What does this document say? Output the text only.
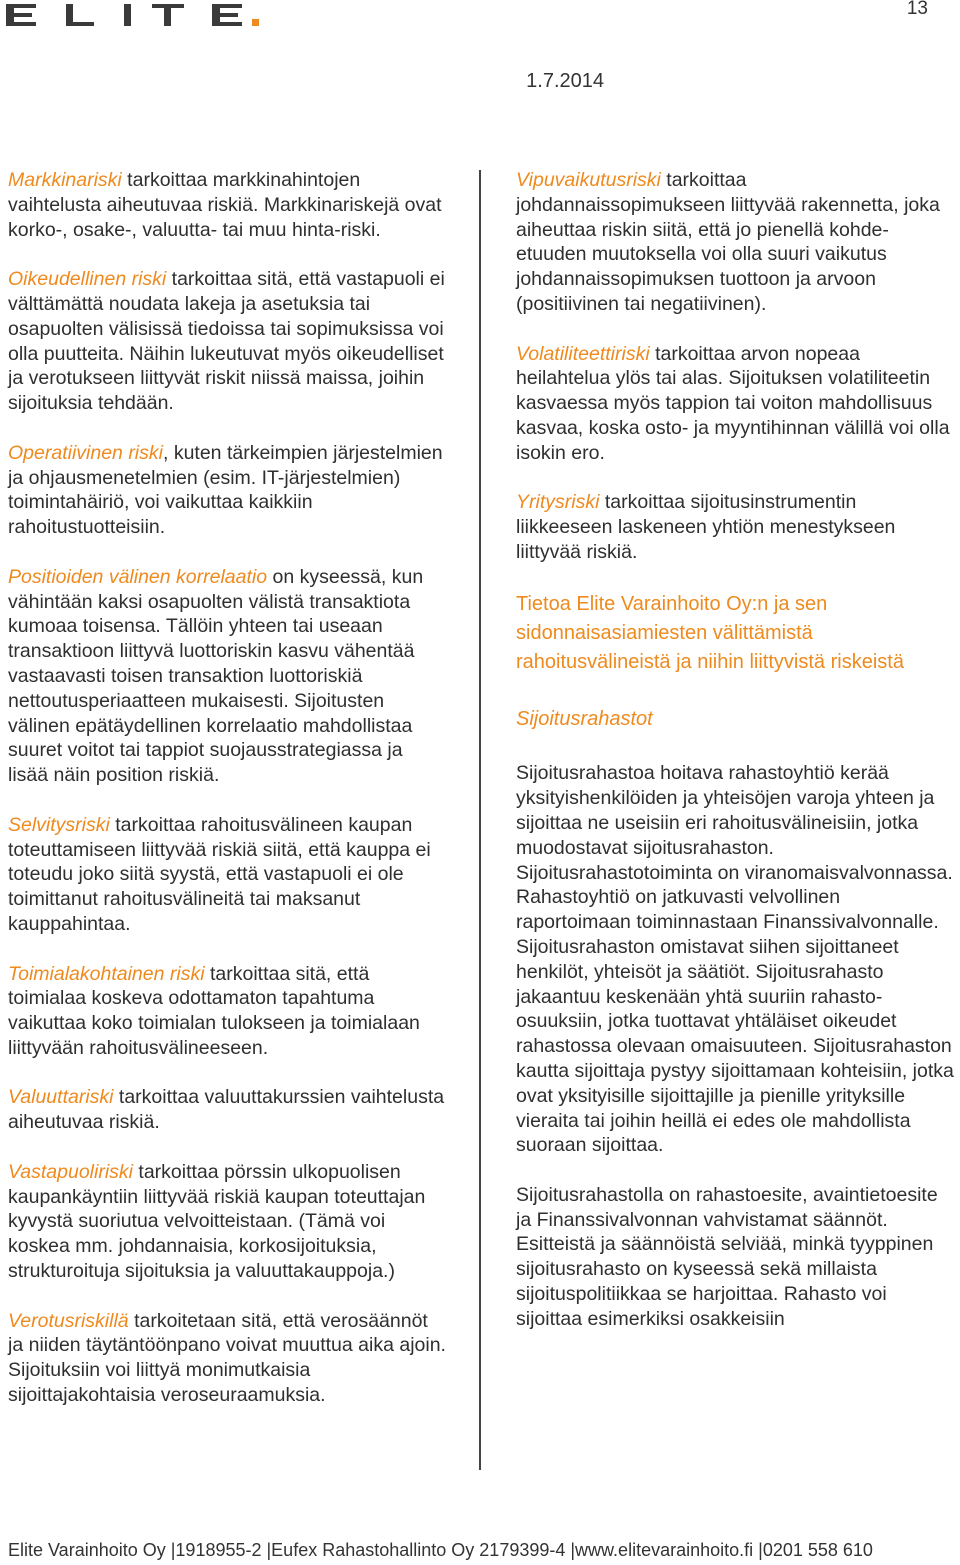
13
1.7.2014

Markkinariski tarkoittaa markkinahintojen vaihtelusta aiheutuvaa riskiä. Markkinariskejä ovat korko-, osake-, valuutta- tai muu hinta-riski.

Oikeudellinen riski tarkoittaa sitä, että vastapuoli ei välttämättä noudata lakeja ja asetuksia tai osapuolten välisissä tiedoissa tai sopimuksissa voi olla puutteita. Näihin lukeutuvat myös oikeudelliset ja verotukseen liittyvät riskit niissä maissa, joihin sijoituksia tehdään.

Operatiivinen riski, kuten tärkeimpien järjestelmien ja ohjausmenetelmien (esim. IT-järjestelmien) toimintahäiriö, voi vaikuttaa kaikkiin rahoitustuotteisiin.

Positioiden välinen korrelaatio on kyseessä, kun vähintään kaksi osapuolten välistä transaktiota kumoaa toisensa. Tällöin yhteen tai useaan transaktioon liittyvä luottoriskin kasvu vähentää vastaavasti toisen transaktion luottoriskiä nettoutusperiaatteen mukaisesti. Sijoitusten välinen epätäydellinen korrelaatio mahdollistaa suuret voitot tai tappiot suojausstrategiassa ja lisää näin position riskiä.

Selvitysriski tarkoittaa rahoitusvälineen kaupan toteuttamiseen liittyvää riskiä siitä, että kauppa ei toteudu joko siitä syystä, että vastapuoli ei ole toimittanut rahoitusvälineitä tai maksanut kauppahintaa.

Toimialakohtainen riski tarkoittaa sitä, että toimialaa koskeva odottamaton tapahtuma vaikuttaa koko toimialan tulokseen ja toimialaan liittyvään rahoitusvälineeseen.

Valuuttariski tarkoittaa valuuttakurssien vaihtelusta aiheutuvaa riskiä.

Vastapuoliriski tarkoittaa pörssin ulkopuolisen kaupankäyntiin liittyvää riskiä kaupan toteuttajan kyvystä suoriutua velvoitteistaan. (Tämä voi koskea mm. johdannaisia, korkosijoituksia, strukturoituja sijoituksia ja valuuttakauppoja.)

Verotusriskillä tarkoitetaan sitä, että verosäännöt ja niiden täytäntöönpano voivat muuttua aika ajoin. Sijoituksiin voi liittyä monimutkaisia sijoittajakohtaisia veroseuraamuksia.

Vipuvaikutusriski tarkoittaa johdannaissopimukseen liittyvää rakennetta, joka aiheuttaa riskin siitä, että jo pienellä kohde-etuuden muutoksella voi olla suuri vaikutus johdannaissopimuksen tuottoon ja arvoon (positiivinen tai negatiivinen).

Volatiliteettiriski tarkoittaa arvon nopeaa heilahtelua ylös tai alas. Sijoituksen volatiliteetin kasvaessa myös tappion tai voiton mahdollisuus kasvaa, koska osto- ja myyntihinnan välillä voi olla isokin ero.

Yritysriski tarkoittaa sijoitusinstrumentin liikkeeseen laskeneen yhtiön menestykseen liittyvää riskiä.

Tietoa Elite Varainhoito Oy:n ja sen sidonnaisasiamiesten välittämistä rahoitusvälineistä ja niihin liittyvistä riskeistä

Sijoitusrahastot

Sijoitusrahastoa hoitava rahastoyhtiö kerää yksityishenkilöiden ja yhteisöjen varoja yhteen ja sijoittaa ne useisiin eri rahoitusvälineisiin, jotka muodostavat sijoitusrahaston. Sijoitusrahastotoiminta on viranomaisvalvonnassa. Rahastoyhtiö on jatkuvasti velvollinen raportoimaan toiminnastaan Finanssivalvonnalle. Sijoitusrahaston omistavat siihen sijoittaneet henkilöt, yhteisöt ja säätiöt. Sijoitusrahasto jakaantuu keskenään yhtä suuriin rahasto-osuuksiin, jotka tuottavat yhtäläiset oikeudet rahastossa olevaan omaisuuteen. Sijoitusrahaston kautta sijoittaja pystyy sijoittamaan kohteisiin, jotka ovat yksityisille sijoittajille ja pienille yrityksille vieraita tai joihin heillä ei edes ole mahdollista suoraan sijoittaa.

Sijoitusrahastolla on rahastoesite, avaintietoesite ja Finanssivalvonnan vahvistamat säännöt. Esitteistä ja säännöistä selviää, minkä tyyppinen sijoitusrahasto on kyseessä sekä millaista sijoituspolitiikkaa se harjoittaa. Rahasto voi sijoittaa esimerkiksi osakkeisiin

Elite Varainhoito Oy |1918955-2 |Eufex Rahastohallinto Oy 2179399-4 |www.elitevarainhoito.fi |0201 558 610
